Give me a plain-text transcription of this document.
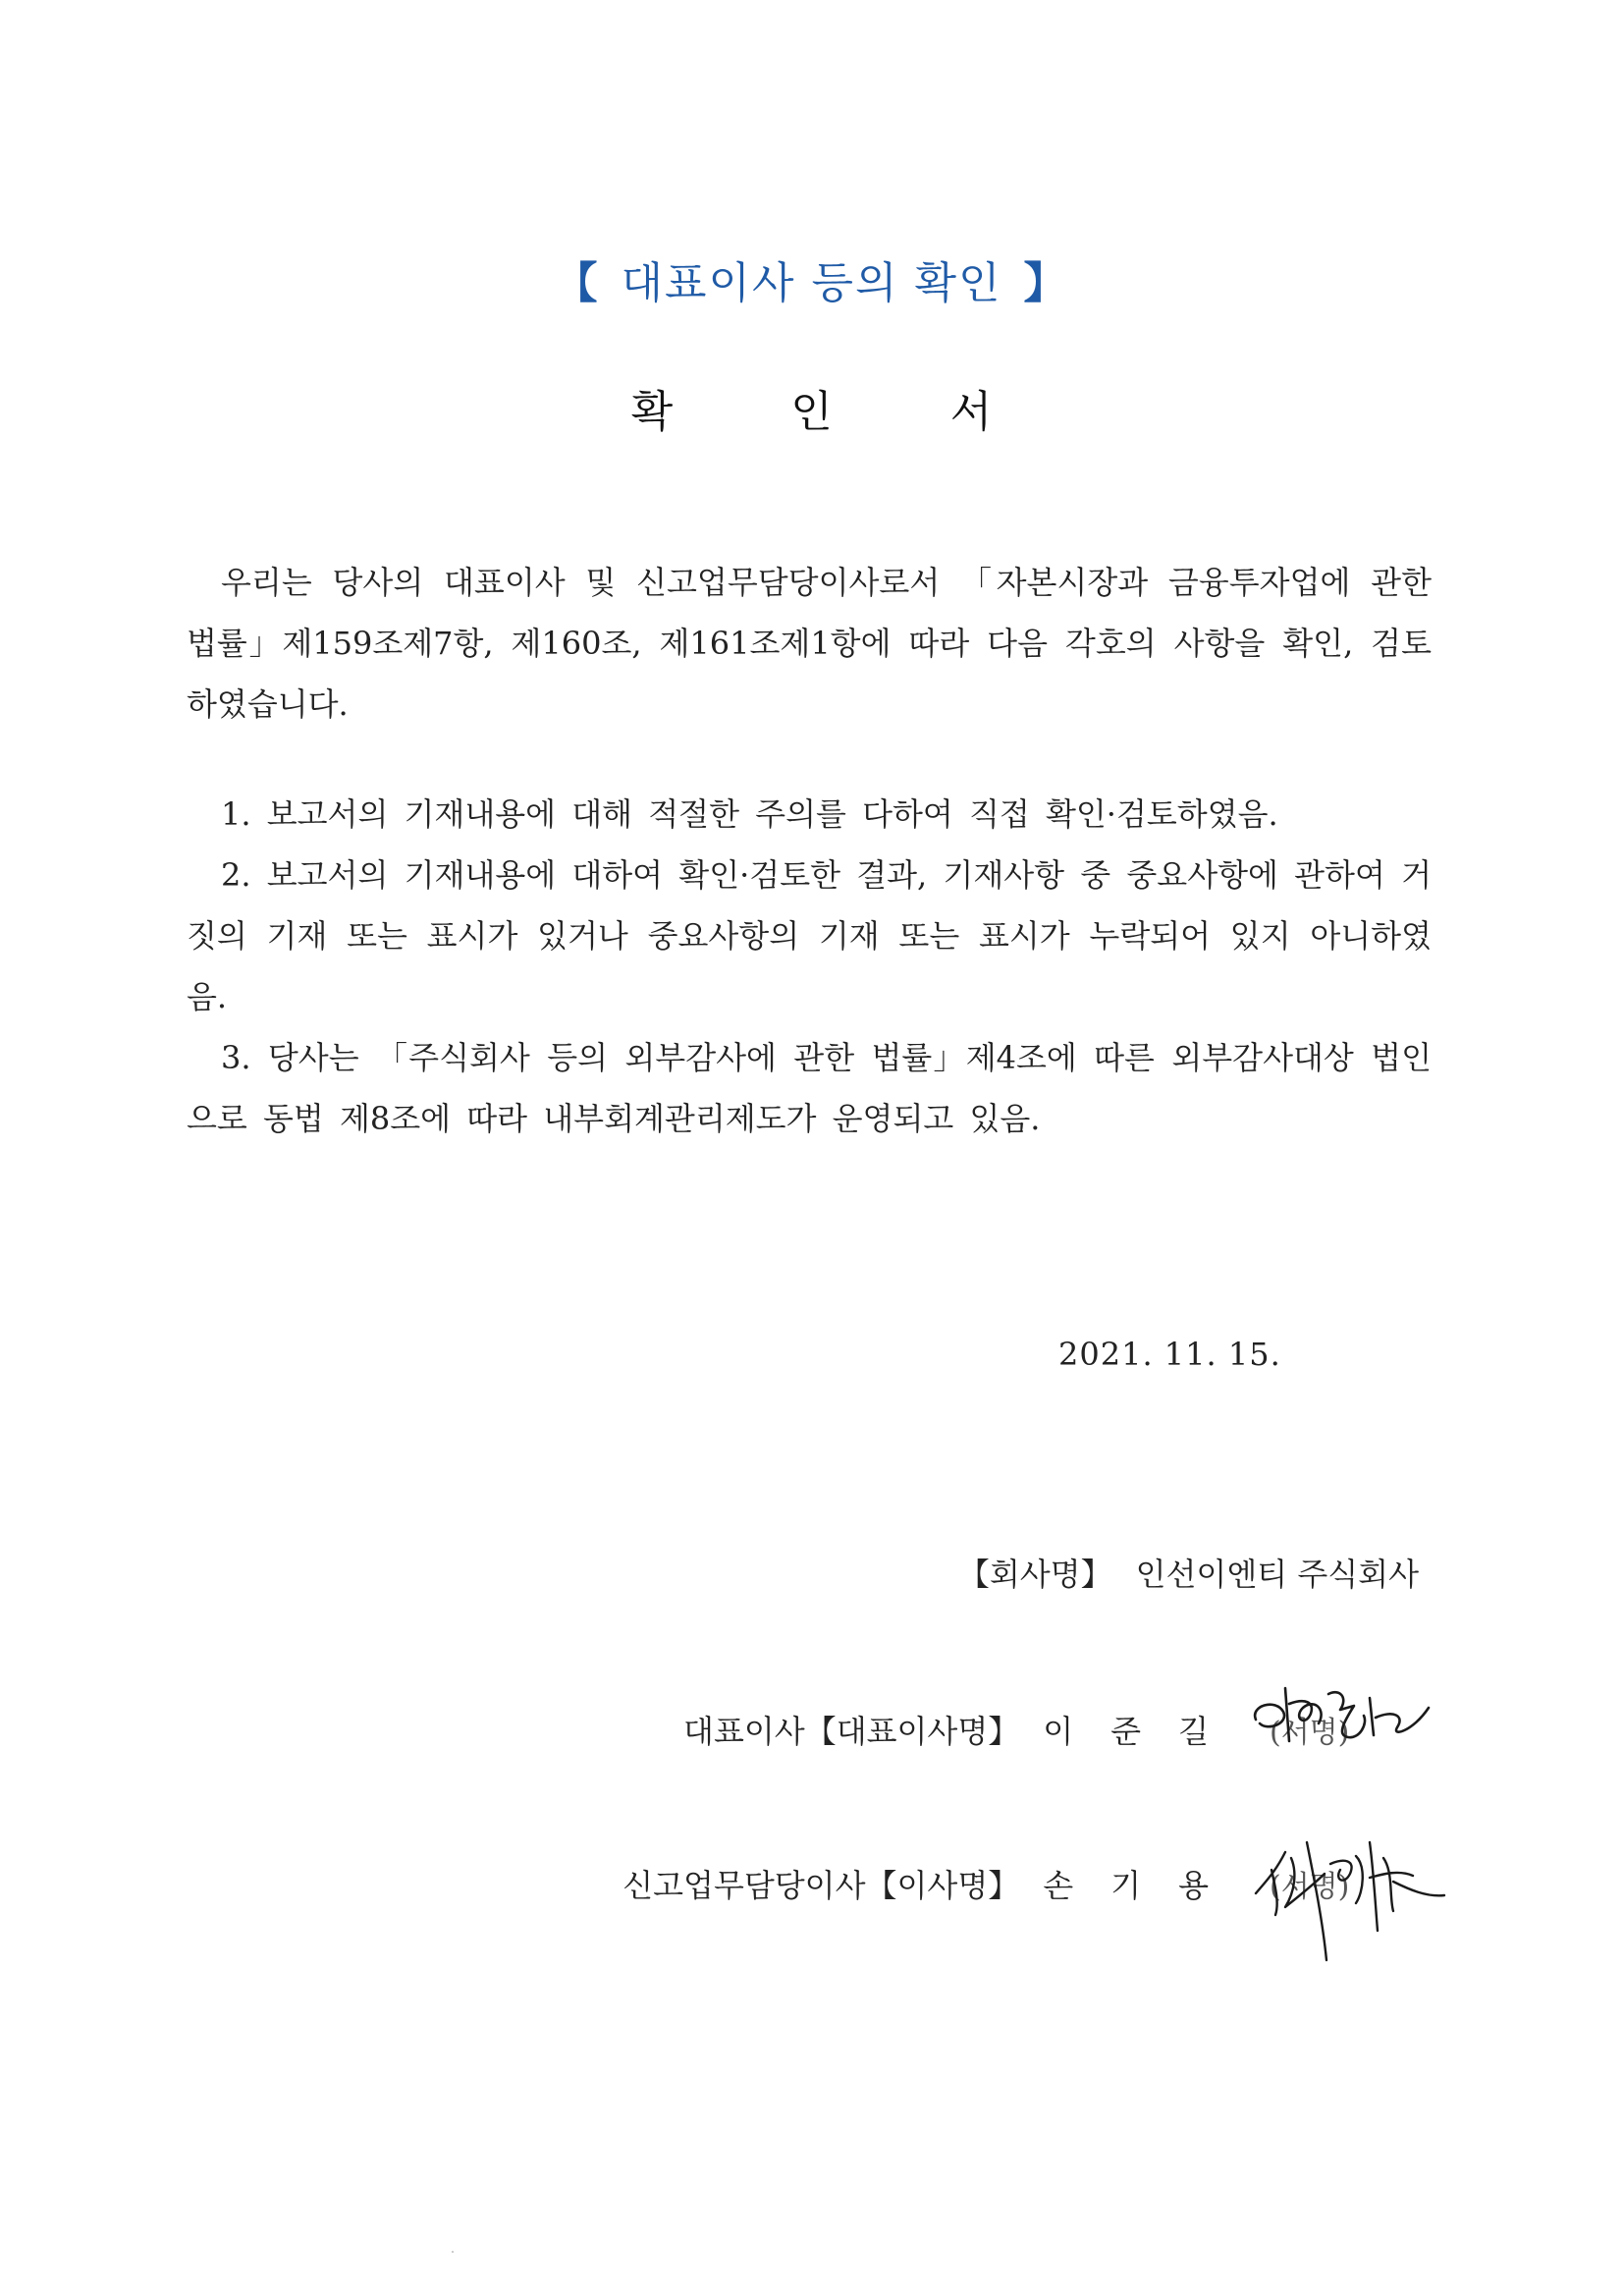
【 대표이사 등의 확인 】
확	인	서
우리는 당사의 대표이사 및 신고업무담당이사로서 「자본시장과 금융투자업에 관한 법률」제159조제7항, 제160조, 제161조제1항에 따라 다음 각호의 사항을 확인, 검토하였습니다.

1. 보고서의 기재내용에 대해 적절한 주의를 다하여 직접 확인·검토하였음.

2. 보고서의 기재내용에 대하여 확인·검토한 결과, 기재사항 중 중요사항에 관하여 거짓의 기재 또는 표시가 있거나 중요사항의 기재 또는 표시가 누락되어 있지 아니하였음.

3. 당사는 「주식회사 등의 외부감사에 관한 법률」제4조에 따른 외부감사대상 법인으로 동법 제8조에 따라 내부회계관리제도가 운영되고 있음.

2021. 11. 15.
【회사명】 인선이엔티 주식회사
대표이사【대표이사명】 이준길 (서명)
신고업무담당이사【이사명】 손기용 (서명)
